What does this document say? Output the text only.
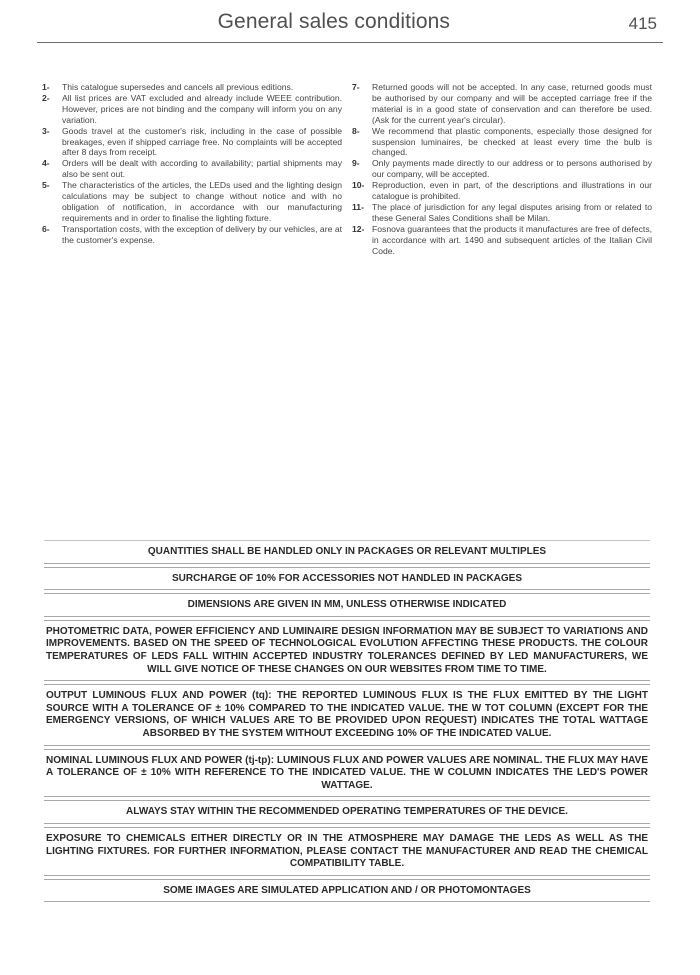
General sales conditions	415

1- This catalogue supersedes and cancels all previous editions.

2- All list prices are VAT excluded and already include WEEE contribution. However, prices are not binding and the company will inform you on any variation.

3- Goods travel at the customer's risk, including in the case of possible breakages, even if shipped carriage free. No complaints will be accepted after 8 days from receipt.

4- Orders will be dealt with according to availability; partial shipments may also be sent out.

5- The characteristics of the articles, the LEDs used and the lighting design calculations may be subject to change without notice and with no obligation of notification, in accordance with our manufacturing requirements and in order to finalise the lighting fixture.

6- Transportation costs, with the exception of delivery by our vehicles, are at the customer's expense.

7- Returned goods will not be accepted. In any case, returned goods must be authorised by our company and will be accepted carriage free if the material is in a good state of conservation and can therefore be used. (Ask for the current year's circular).

8- We recommend that plastic components, especially those designed for suspension luminaires, be checked at least every time the bulb is changed.

9- Only payments made directly to our address or to persons authorised by our company, will be accepted.

10- Reproduction, even in part, of the descriptions and illustrations in our catalogue is prohibited.

11- The place of jurisdiction for any legal disputes arising from or related to these General Sales Conditions shall be Milan.

12- Fosnova guarantees that the products it manufactures are free of defects, in accordance with art. 1490 and subsequent articles of the Italian Civil Code.

QUANTITIES SHALL BE HANDLED ONLY IN PACKAGES OR RELEVANT MULTIPLES
SURCHARGE OF 10% FOR ACCESSORIES NOT HANDLED IN PACKAGES
DIMENSIONS ARE GIVEN IN MM, UNLESS OTHERWISE INDICATED
PHOTOMETRIC DATA, POWER EFFICIENCY AND LUMINAIRE DESIGN INFORMATION MAY BE SUBJECT TO VARIATIONS AND IMPROVEMENTS. BASED ON THE SPEED OF TECHNOLOGICAL EVOLUTION AFFECTING THESE PRODUCTS. THE COLOUR TEMPERATURES OF LEDS FALL WITHIN ACCEPTED INDUSTRY TOLERANCES DEFINED BY LED MANUFACTURERS, WE WILL GIVE NOTICE OF THESE CHANGES ON OUR WEBSITES FROM TIME TO TIME.
OUTPUT LUMINOUS FLUX AND POWER (tq): THE REPORTED LUMINOUS FLUX IS THE FLUX EMITTED BY THE LIGHT SOURCE WITH A TOLERANCE OF ± 10% COMPARED TO THE INDICATED VALUE. THE W TOT COLUMN (EXCEPT FOR THE EMERGENCY VERSIONS, OF WHICH VALUES ARE TO BE PROVIDED UPON REQUEST) INDICATES THE TOTAL WATTAGE ABSORBED BY THE SYSTEM WITHOUT EXCEEDING 10% OF THE INDICATED VALUE.
NOMINAL LUMINOUS FLUX AND POWER (tj-tp): LUMINOUS FLUX AND POWER VALUES ARE NOMINAL. THE FLUX MAY HAVE A TOLERANCE OF ± 10% WITH REFERENCE TO THE INDICATED VALUE. THE W COLUMN INDICATES THE LED'S POWER WATTAGE.
ALWAYS STAY WITHIN THE RECOMMENDED OPERATING TEMPERATURES OF THE DEVICE.
EXPOSURE TO CHEMICALS EITHER DIRECTLY OR IN THE ATMOSPHERE MAY DAMAGE THE LEDS AS WELL AS THE LIGHTING FIXTURES. FOR FURTHER INFORMATION, PLEASE CONTACT THE MANUFACTURER AND READ THE CHEMICAL COMPATIBILITY TABLE.
SOME IMAGES ARE SIMULATED APPLICATION AND / OR PHOTOMONTAGES
